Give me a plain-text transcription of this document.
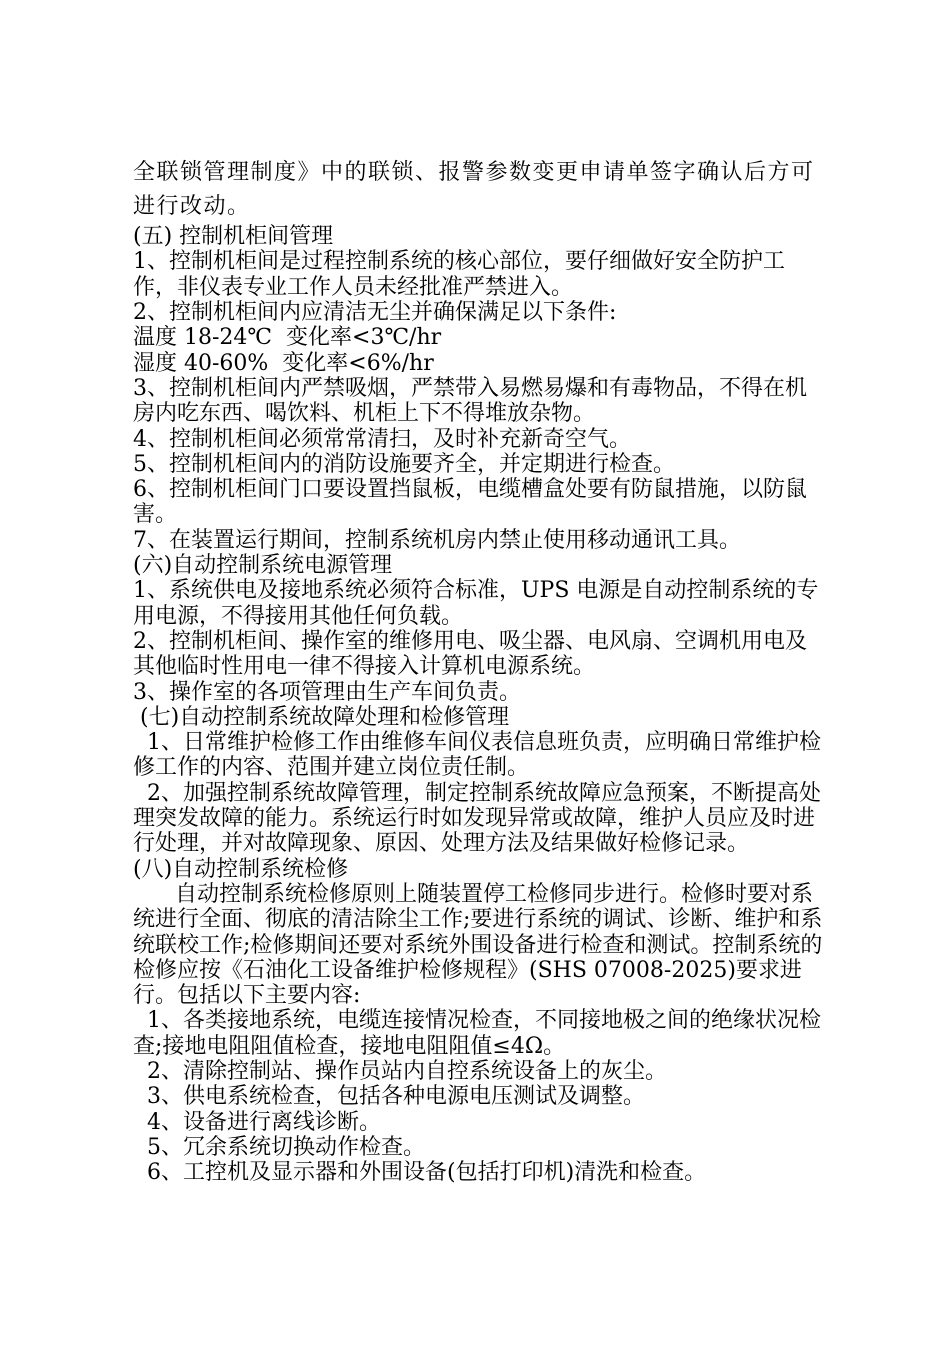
全联锁管理制度》中的联锁、报警参数变更申请单签字确认后方可进行改动。

(五) 控制机柜间管理

1、控制机柜间是过程控制系统的核心部位，要仔细做好安全防护工作，非仪表专业工作人员未经批准严禁进入。

2、控制机柜间内应清洁无尘并确保满足以下条件:

温度 18-24℃  变化率<3℃/hr

湿度 40-60%  变化率<6%/hr

3、控制机柜间内严禁吸烟，严禁带入易燃易爆和有毒物品，不得在机房内吃东西、喝饮料、机柜上下不得堆放杂物。

4、控制机柜间必须常常清扫，及时补充新奇空气。

5、控制机柜间内的消防设施要齐全，并定期进行检查。

6、控制机柜间门口要设置挡鼠板，电缆槽盒处要有防鼠措施，以防鼠害。

7、在装置运行期间，控制系统机房内禁止使用移动通讯工具。

(六)自动控制系统电源管理

1、系统供电及接地系统必须符合标准，UPS 电源是自动控制系统的专用电源，不得接用其他任何负载。

2、控制机柜间、操作室的维修用电、吸尘器、电风扇、空调机用电及其他临时性用电一律不得接入计算机电源系统。

3、操作室的各项管理由生产车间负责。

(七)自动控制系统故障处理和检修管理

1、日常维护检修工作由维修车间仪表信息班负责，应明确日常维护检修工作的内容、范围并建立岗位责任制。

2、加强控制系统故障管理，制定控制系统故障应急预案，不断提高处理突发故障的能力。系统运行时如发现异常或故障，维护人员应及时进行处理，并对故障现象、原因、处理方法及结果做好检修记录。

(八)自动控制系统检修

自动控制系统检修原则上随装置停工检修同步进行。检修时要对系统进行全面、彻底的清洁除尘工作;要进行系统的调试、诊断、维护和系统联校工作;检修期间还要对系统外围设备进行检查和测试。控制系统的检修应按《石油化工设备维护检修规程》(SHS 07008-2025)要求进行。包括以下主要内容:

1、各类接地系统，电缆连接情况检查，不同接地极之间的绝缘状况检查;接地电阻阻值检查，接地电阻阻值≤4Ω。

2、清除控制站、操作员站内自控系统设备上的灰尘。

3、供电系统检查，包括各种电源电压测试及调整。

4、设备进行离线诊断。

5、冗余系统切换动作检查。

6、工控机及显示器和外围设备(包括打印机)清洗和检查。
